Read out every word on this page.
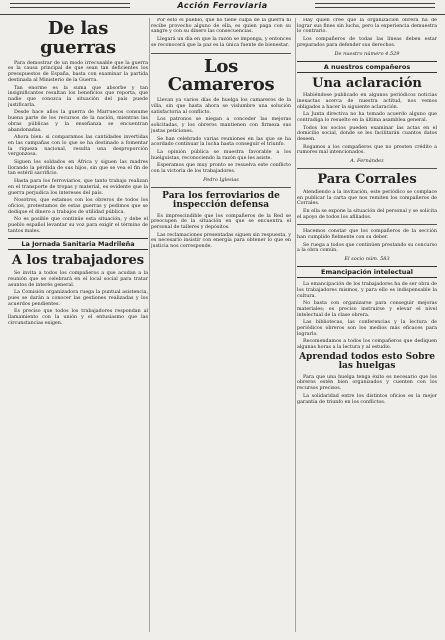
Acción Ferroviaria
De las guerras

Para demostrar de un modo irrecusable que la guerra es la causa principal de que sean tan deficientes los presupuestos de España, basta con examinar la partida destinada al Ministerio de la Guerra.

Tan enorme es la suma que absorbe y tan insignificantes resultan los beneficios que reporta, que nadie que conozca la situación del país puede justificarla.

Desde hace años la guerra de Marruecos consume buena parte de los recursos de la nación, mientras las obras públicas y la enseñanza se encuentran abandonadas.

Ahora bien: si comparamos las cantidades invertidas en las campañas con lo que se ha destinado a fomentar la riqueza nacional, resulta una desproporción vergonzosa.

Siguen los soldados en África y siguen las madres llorando la pérdida de sus hijos, sin que se vea el fin de tan estéril sacrificio.

Hasta para los ferroviarios, que tanto trabajo realizan en el transporte de tropas y material, es evidente que la guerra perjudica los intereses del país.

Nosotros, que estamos con los obreros de todos los oficios, protestamos de estas guerras y pedimos que se dedique el dinero a trabajos de utilidad pública.

No es posible que continúe esta situación, y debe el pueblo español levantar su voz para exigir el término de tantos males.

La Jornada Sanitaria Madrileña
A los trabajadores

Se invita a todos los compañeros a que acudan a la reunión que se celebrará en el local social para tratar asuntos de interés general.

La Comisión organizadora ruega la puntual asistencia, pues se darán a conocer las gestiones realizadas y los acuerdos pendientes.

Es preciso que todos los trabajadores respondan al llamamiento con la unión y el entusiasmo que las circunstancias exigen.

Por esto el pueblo, que no tiene culpa de la guerra ni recibe provecho alguno de ella, es quien paga con su sangre y con su dinero las consecuencias.

Llegará un día en que la razón se imponga, y entonces se reconocerá que la paz es la única fuente de bienestar.

Los Camareros

Llevan ya varios días de huelga los camareros de la villa, sin que hasta ahora se vislumbre una solución satisfactoria al conflicto.

Los patronos se niegan a conceder las mejoras solicitadas, y los obreros mantienen con firmeza sus justas peticiones.

Se han celebrado varias reuniones en las que se ha acordado continuar la lucha hasta conseguir el triunfo.

La opinión pública se muestra favorable a los huelguistas, reconociendo la razón que les asiste.

Esperamos que muy pronto se resuelva este conflicto con la victoria de los trabajadores.

Pedro Iglesias
Para los ferroviarios de inspección defensa

Es imprescindible que los compañeros de la Red se preocupen de la situación en que se encuentra el personal de talleres y depósitos.

Las reclamaciones presentadas siguen sin respuesta, y es necesario insistir con energía para obtener lo que en justicia nos corresponde.

Hay quien cree que la organización obrera ha de lograr sus fines sin lucha, pero la experiencia demuestra lo contrario.

Los compañeros de todas las líneas deben estar preparados para defender sus derechos.

De nuestro número 4.529
A nuestros compañeros
Una aclaración

Habiéndose publicado en algunos periódicos noticias inexactas acerca de nuestra actitud, nos vemos obligados a hacer la siguiente aclaración.

La Junta directiva no ha tomado acuerdo alguno que contradiga lo resuelto en la última asamblea general.

Todos los socios pueden examinar las actas en el domicilio social, donde se les facilitarán cuantos datos deseen.

Rogamos a los compañeros que no presten crédito a rumores mal intencionados.

A. Fernández
Para Corrales

Atendiendo a la invitación, este periódico se complace en publicar la carta que nos remiten los compañeros de Corrales.

En ella se expone la situación del personal y se solicita el apoyo de todos los afiliados.

Hacemos constar que los compañeros de la sección han cumplido fielmente con su deber.

Se ruega a todos que continúen prestando su concurso a la obra común.

El socio núm. 583
Emancipación intelectual

La emancipación de los trabajadores ha de ser obra de los trabajadores mismos, y para ello es indispensable la cultura.

No basta con organizarse para conseguir mejoras materiales; es preciso instruirse y elevar el nivel intelectual de la clase obrera.

Las bibliotecas, las conferencias y la lectura de periódicos obreros son los medios más eficaces para lograrlo.

Recomendamos a todos los compañeros que dediquen algunas horas a la lectura y al estudio.

Aprendad todos esto Sobre las huelgas

Para que una huelga tenga éxito es necesario que los obreros estén bien organizados y cuenten con los recursos precisos.

La solidaridad entre los distintos oficios es la mejor garantía de triunfo en los conflictos.
